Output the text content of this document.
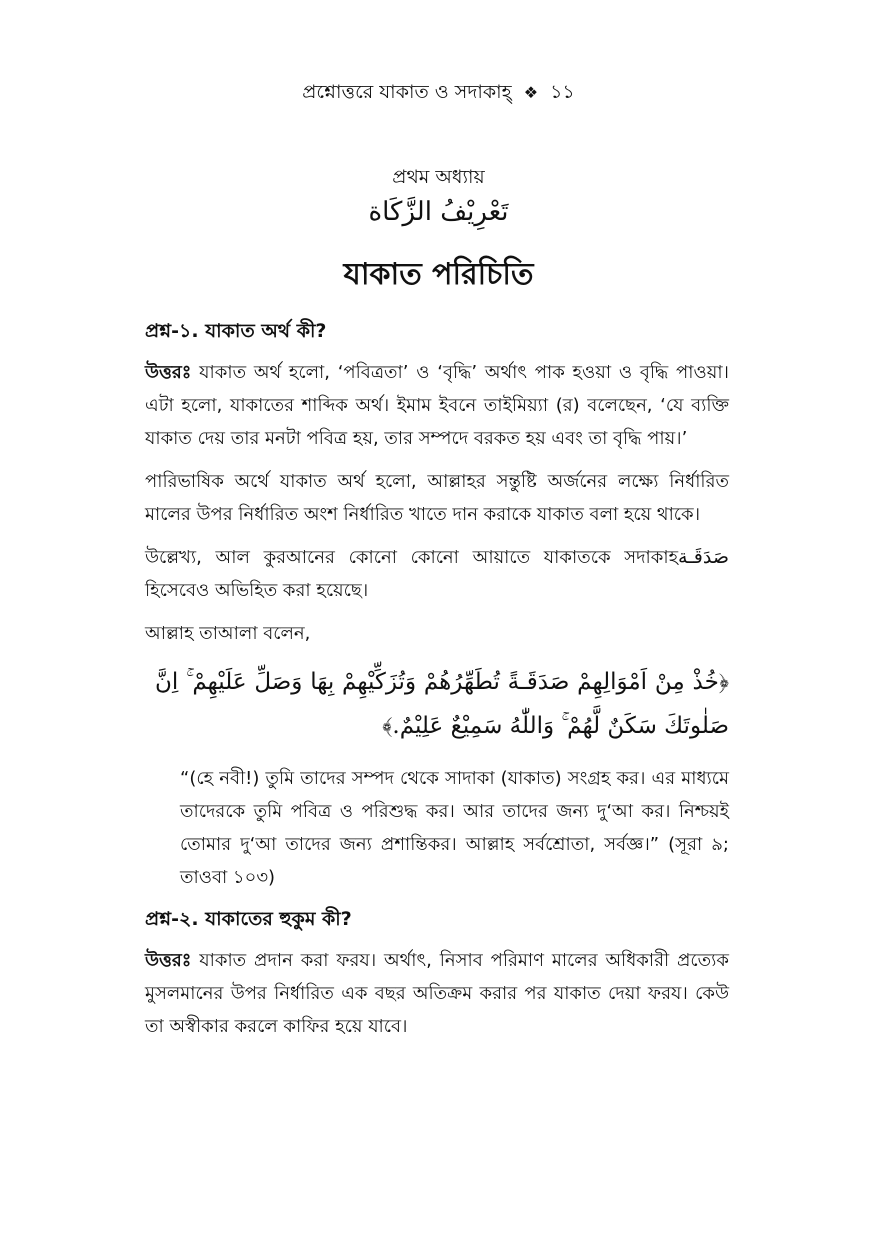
প্রশ্নোত্তরে যাকাত ও সদাকাহ্ ❖ ১১
প্রথম অধ্যায়
تَعْرِيْفُ الزَّكَاة
যাকাত পরিচিতি
প্রশ্ন-১. যাকাত অর্থ কী?

উত্তরঃ যাকাত অর্থ হলো, ‘পবিত্রতা’ ও ‘বৃদ্ধি’ অর্থাৎ পাক হওয়া ও বৃদ্ধি পাওয়া। এটা হলো, যাকাতের শাব্দিক অর্থ। ইমাম ইবনে তাইমিয়্যা (র) বলেছেন, ‘যে ব্যক্তি যাকাত দেয় তার মনটা পবিত্র হয়, তার সম্পদে বরকত হয় এবং তা বৃদ্ধি পায়।’

পারিভাষিক অর্থে যাকাত অর্থ হলো, আল্লাহর সন্তুষ্টি অর্জনের লক্ষ্যে নির্ধারিত মালের উপর নির্ধারিত অংশ নির্ধারিত খাতে দান করাকে যাকাত বলা হয়ে থাকে।

صَدَقَـة
উল্লেখ্য, আল কুরআনের কোনো কোনো আয়াতে যাকাতকে সদাকাহ হিসেবেও অভিহিত করা হয়েছে।

আল্লাহ তাআলা বলেন,

﴿خُذْ مِنْ اَمْوَالِهِمْ صَدَقَـةً تُطَهِّرُهُمْ وَتُزَكِّيْهِمْ بِهَا وَصَلِّ عَلَيْهِمْ ۚ اِنَّ صَلٰوتَكَ سَكَنٌ لَّهُمْ ۚ وَاللّٰهُ سَمِيْعٌ عَلِيْمٌ.﴾

“(হে নবী!) তুমি তাদের সম্পদ থেকে সাদাকা (যাকাত) সংগ্রহ কর। এর মাধ্যমে তাদেরকে তুমি পবিত্র ও পরিশুদ্ধ কর। আর তাদের জন্য দু‘আ কর। নিশ্চয়ই তোমার দু‘আ তাদের জন্য প্রশান্তিকর। আল্লাহ সর্বশ্রোতা, সর্বজ্ঞ।” (সূরা ৯; তাওবা ১০৩)

প্রশ্ন-২. যাকাতের হুকুম কী?

উত্তরঃ যাকাত প্রদান করা ফরয। অর্থাৎ, নিসাব পরিমাণ মালের অধিকারী প্রত্যেক মুসলমানের উপর নির্ধারিত এক বছর অতিক্রম করার পর যাকাত দেয়া ফরয। কেউ তা অস্বীকার করলে কাফির হয়ে যাবে।
